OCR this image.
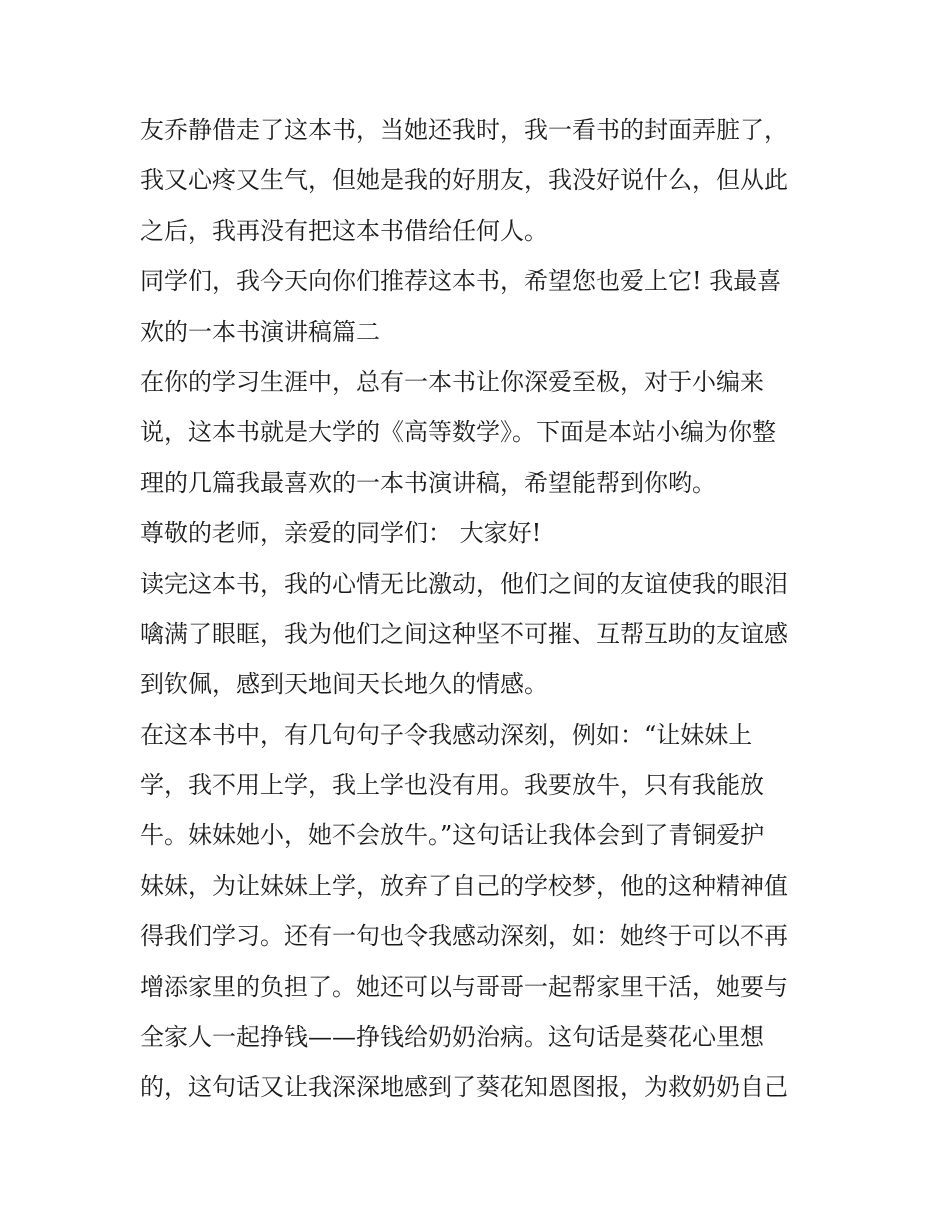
友乔静借走了这本书，当她还我时，我一看书的封面弄脏了，
我又心疼又生气，但她是我的好朋友，我没好说什么，但从此
之后，我再没有把这本书借给任何人。
同学们，我今天向你们推荐这本书，希望您也爱上它! 我最喜
欢的一本书演讲稿篇二
在你的学习生涯中，总有一本书让你深爱至极，对于小编来
说，这本书就是大学的《高等数学》。下面是本站小编为你整
理的几篇我最喜欢的一本书演讲稿，希望能帮到你哟。
尊敬的老师，亲爱的同学们： 大家好!
读完这本书，我的心情无比激动，他们之间的友谊使我的眼泪
噙满了眼眶，我为他们之间这种坚不可摧、互帮互助的友谊感
到钦佩，感到天地间天长地久的情感。
在这本书中，有几句句子令我感动深刻，例如：“让妹妹上
学，我不用上学，我上学也没有用。我要放牛，只有我能放
牛。妹妹她小，她不会放牛。”这句话让我体会到了青铜爱护
妹妹，为让妹妹上学，放弃了自己的学校梦，他的这种精神值
得我们学习。还有一句也令我感动深刻，如：她终于可以不再
增添家里的负担了。她还可以与哥哥一起帮家里干活，她要与
全家人一起挣钱——挣钱给奶奶治病。这句话是葵花心里想
的，这句话又让我深深地感到了葵花知恩图报，为救奶奶自己
